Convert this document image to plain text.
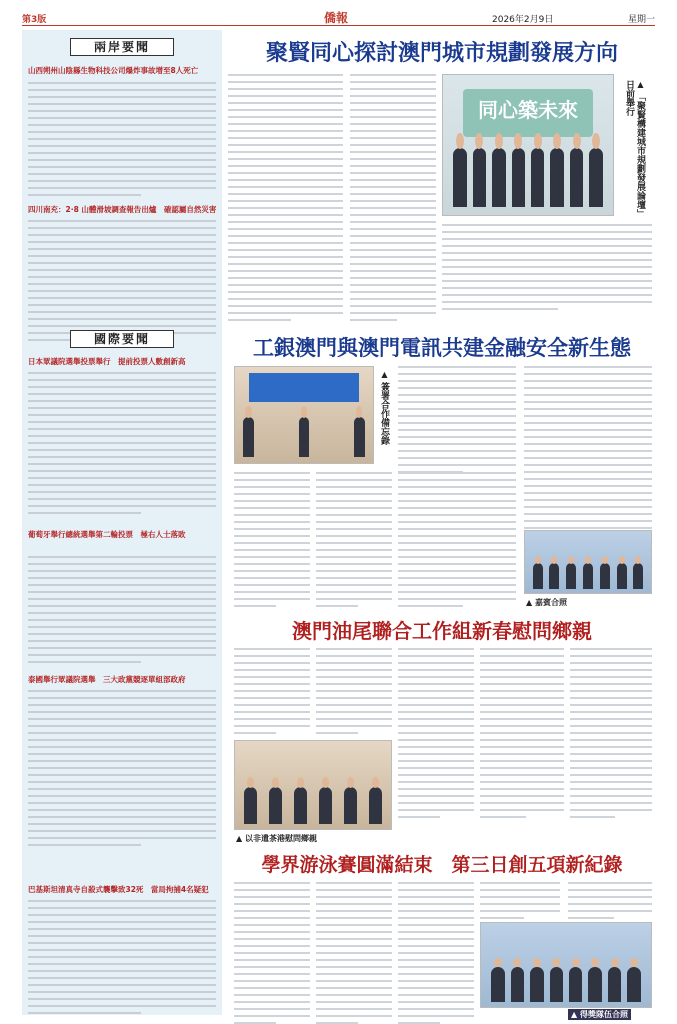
第3版	僑報	2026年2月9日	星期一
兩岸要聞
山西朔州山陰縣生物科技公司爆炸事故增至8人死亡
四川南充：2·8 山體滑坡調查報告出爐　確認屬自然災害
國際要聞
日本眾議院選舉投票舉行　提前投票人數創新高
葡萄牙舉行總統選舉第二輪投票　極右人士落敗
泰國舉行眾議院選舉　三大政黨競逐單組部政府
巴基斯坦清真寺自殺式襲擊致32死　當局拘捕4名疑犯
聚賢同心探討澳門城市規劃發展方向
同心築未來
▲ 「聚賢構建城市規劃發展論壇」日前舉行
工銀澳門與澳門電訊共建金融安全新生態
▲ 簽署合作備忘錄
▲ 嘉賓合照
澳門油尾聯合工作組新春慰問鄉親
▲ 以非遺茶港慰問鄉親
學界游泳賽圓滿結束　第三日創五項新紀錄
▲ 得獎隊伍合照
